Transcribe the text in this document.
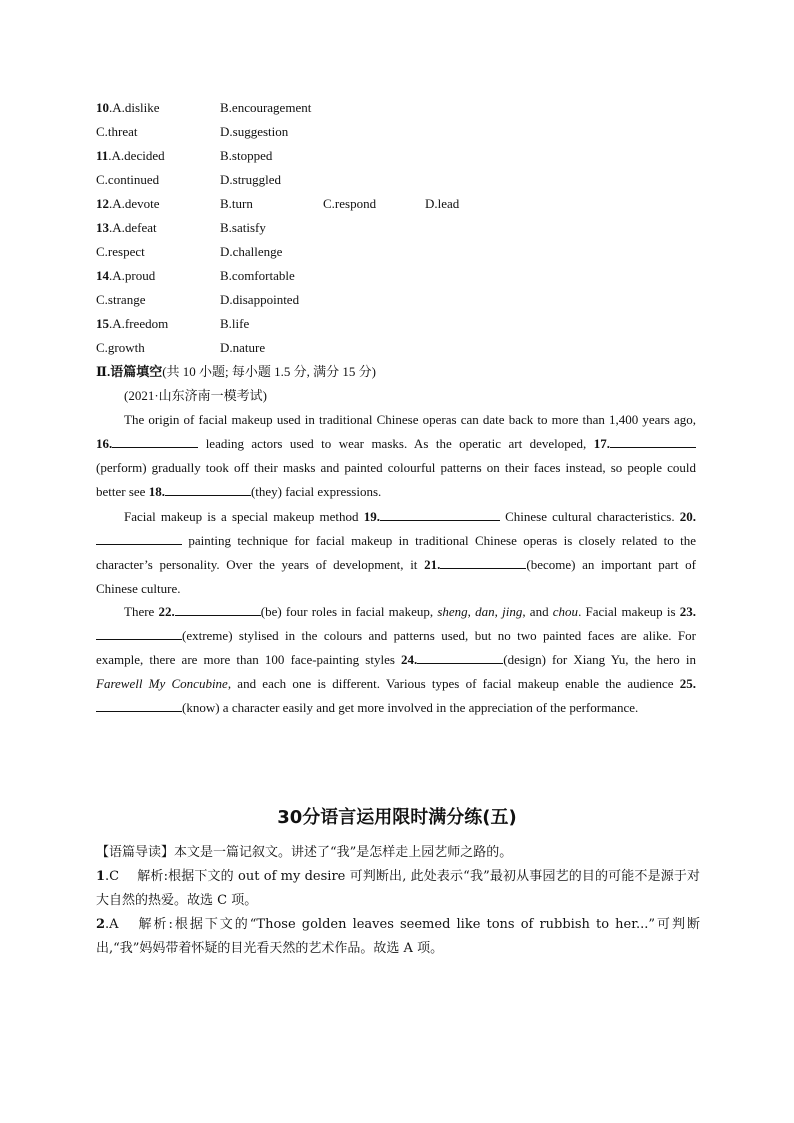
10.A.dislike	B.encouragement
C.threat	D.suggestion
11.A.decided	B.stopped
C.continued	D.struggled
12.A.devote	B.turn	C.respond	D.lead
13.A.defeat	B.satisfy
C.respect	D.challenge
14.A.proud	B.comfortable
C.strange	D.disappointed
15.A.freedom	B.life
C.growth	D.nature
Ⅱ.语篇填空(共 10 小题; 每小题 1.5 分, 满分 15 分)
(2021·山东济南一模考试)

The origin of facial makeup used in traditional Chinese operas can date back to more than 1,400 years ago, 16.	leading actors used to wear masks. As the operatic art developed, 17.(perform) gradually took off their masks and painted colourful patterns on their faces instead, so people could better see 18.	(they) facial expressions.

Facial makeup is a special makeup method 19.	Chinese cultural characteristics. 20. painting technique for facial makeup in traditional Chinese operas is closely related to the character’s personality. Over the years of development, it 21.	(become) an important part of Chinese culture.

There 22.	(be) four roles in facial makeup, sheng, dan, jing, and chou. Facial makeup is 23.(extreme) stylised in the colours and patterns used, but no two painted faces are alike. For example, there are more than 100 face-painting styles 24.	(design) for Xiang Yu, the hero in Farewell My Concubine, and each one is different. Various types of facial makeup enable the audience 25.(know) a character easily and get more involved in the appreciation of the performance.

30分语言运用限时满分练(五)

【语篇导读】本文是一篇记叙文。讲述了“我”是怎样走上园艺师之路的。

1.C 解析:根据下文的 out of my desire 可判断出, 此处表示“我”最初从事园艺的目的可能不是源于对大自然的热爱。故选 C 项。

2.A 解析:根据下文的“Those golden leaves seemed like tons of rubbish to her...”可判断出,“我”妈妈带着怀疑的目光看天然的艺术作品。故选 A 项。
